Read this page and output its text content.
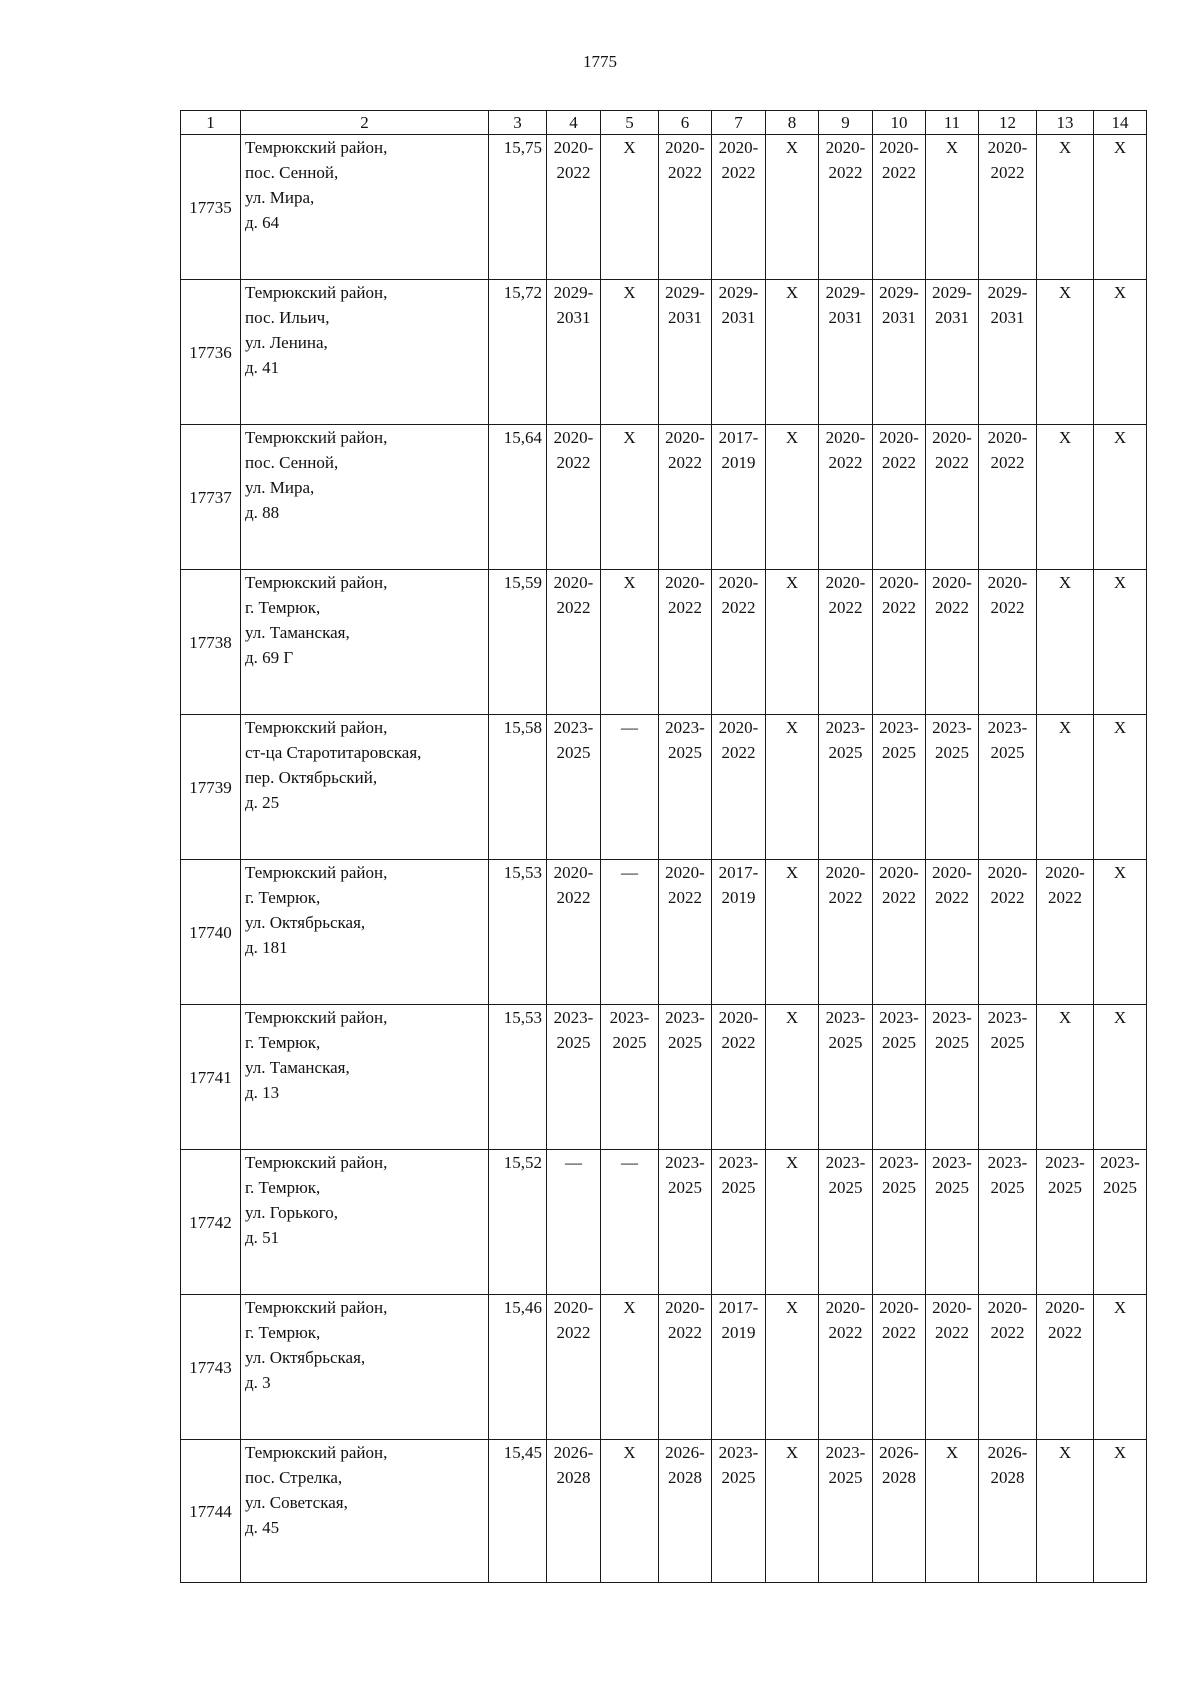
1775
1	2	3	4	5	6	7	8	9	10	11	12	13	14
17735	Темрюкский район,
пос. Сенной,
ул. Мира,
д. 64	15,75	2020-
2022	X	2020-
2022	2020-
2022	X	2020-
2022	2020-
2022	X	2020-
2022	X	X
17736	Темрюкский район,
пос. Ильич,
ул. Ленина,
д. 41	15,72	2029-
2031	X	2029-
2031	2029-
2031	X	2029-
2031	2029-
2031	2029-
2031	2029-
2031	X	X
17737	Темрюкский район,
пос. Сенной,
ул. Мира,
д. 88	15,64	2020-
2022	X	2020-
2022	2017-
2019	X	2020-
2022	2020-
2022	2020-
2022	2020-
2022	X	X
17738	Темрюкский район,
г. Темрюк,
ул. Таманская,
д. 69 Г	15,59	2020-
2022	X	2020-
2022	2020-
2022	X	2020-
2022	2020-
2022	2020-
2022	2020-
2022	X	X
17739	Темрюкский район,
ст-ца Старотитаровская,
пер. Октябрьский,
д. 25	15,58	2023-
2025	—	2023-
2025	2020-
2022	X	2023-
2025	2023-
2025	2023-
2025	2023-
2025	X	X
17740	Темрюкский район,
г. Темрюк,
ул. Октябрьская,
д. 181	15,53	2020-
2022	—	2020-
2022	2017-
2019	X	2020-
2022	2020-
2022	2020-
2022	2020-
2022	2020-
2022	X
17741	Темрюкский район,
г. Темрюк,
ул. Таманская,
д. 13	15,53	2023-
2025	2023-
2025	2023-
2025	2020-
2022	X	2023-
2025	2023-
2025	2023-
2025	2023-
2025	X	X
17742	Темрюкский район,
г. Темрюк,
ул. Горького,
д. 51	15,52	—	—	2023-
2025	2023-
2025	X	2023-
2025	2023-
2025	2023-
2025	2023-
2025	2023-
2025	2023-
2025
17743	Темрюкский район,
г. Темрюк,
ул. Октябрьская,
д. 3	15,46	2020-
2022	X	2020-
2022	2017-
2019	X	2020-
2022	2020-
2022	2020-
2022	2020-
2022	2020-
2022	X
17744	Темрюкский район,
пос. Стрелка,
ул. Советская,
д. 45	15,45	2026-
2028	X	2026-
2028	2023-
2025	X	2023-
2025	2026-
2028	X	2026-
2028	X	X
